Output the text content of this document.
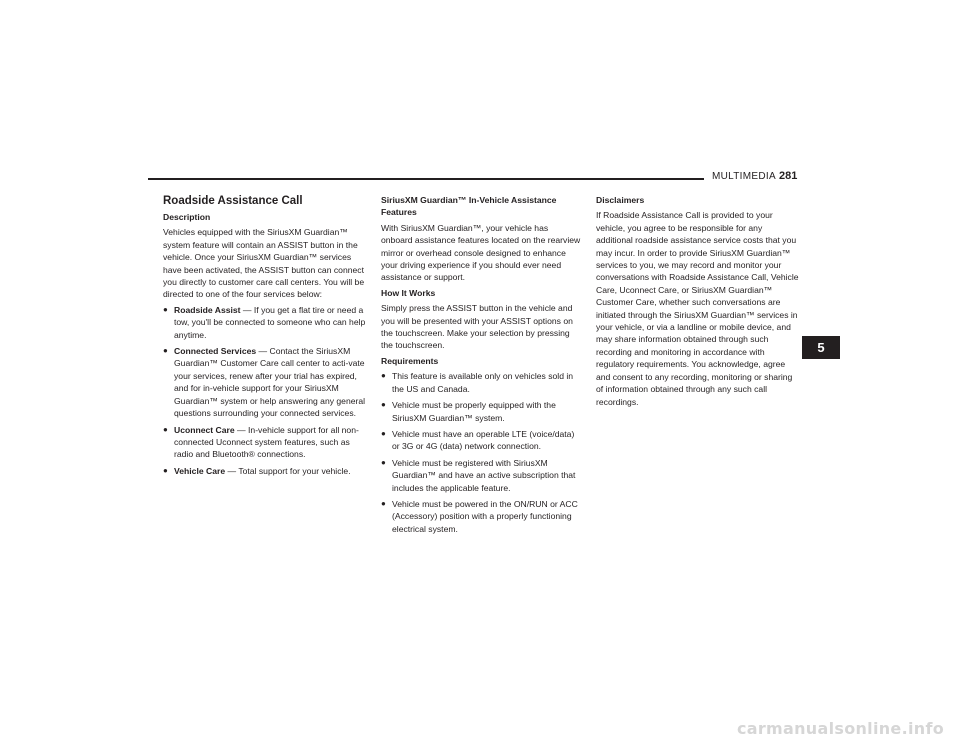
MULTIMEDIA 281
5
Roadside Assistance Call
Description

Vehicles equipped with the SiriusXM Guardian™ system feature will contain an ASSIST button in the vehicle. Once your SiriusXM Guardian™ services have been activated, the ASSIST button can connect you directly to customer care call centers. You will be directed to one of the four services below:

● Roadside Assist — If you get a flat tire or need a tow, you'll be connected to someone who can help anytime.
● Connected Services — Contact the SiriusXM Guardian™ Customer Care call center to acti-vate your services, renew after your trial has expired, and for in-vehicle support for your SiriusXM Guardian™ system or help answering any general questions surrounding your connected services.
● Uconnect Care — In-vehicle support for all non-connected Uconnect system features, such as radio and Bluetooth® connections.
● Vehicle Care — Total support for your vehicle.
SiriusXM Guardian™ In-Vehicle Assistance Features

With SiriusXM Guardian™, your vehicle has onboard assistance features located on the rearview mirror or overhead console designed to enhance your driving experience if you should ever need assistance or support.

How It Works

Simply press the ASSIST button in the vehicle and you will be presented with your ASSIST options on the touchscreen. Make your selection by pressing the touchscreen.

Requirements
● This feature is available only on vehicles sold in the US and Canada.
● Vehicle must be properly equipped with the SiriusXM Guardian™ system.
● Vehicle must have an operable LTE (voice/data) or 3G or 4G (data) network connection.
● Vehicle must be registered with SiriusXM Guardian™ and have an active subscription that includes the applicable feature.
● Vehicle must be powered in the ON/RUN or ACC (Accessory) position with a properly functioning electrical system.
Disclaimers

If Roadside Assistance Call is provided to your vehicle, you agree to be responsible for any additional roadside assistance service costs that you may incur. In order to provide SiriusXM Guardian™ services to you, we may record and monitor your conversations with Roadside Assistance Call, Vehicle Care, Uconnect Care, or SiriusXM Guardian™ Customer Care, whether such conversations are initiated through the SiriusXM Guardian™ services in your vehicle, or via a landline or mobile device, and may share information obtained through such recording and monitoring in accordance with regulatory requirements. You acknowledge, agree and consent to any recording, monitoring or sharing of information obtained through any such call recordings.

carmanualsonline.info
